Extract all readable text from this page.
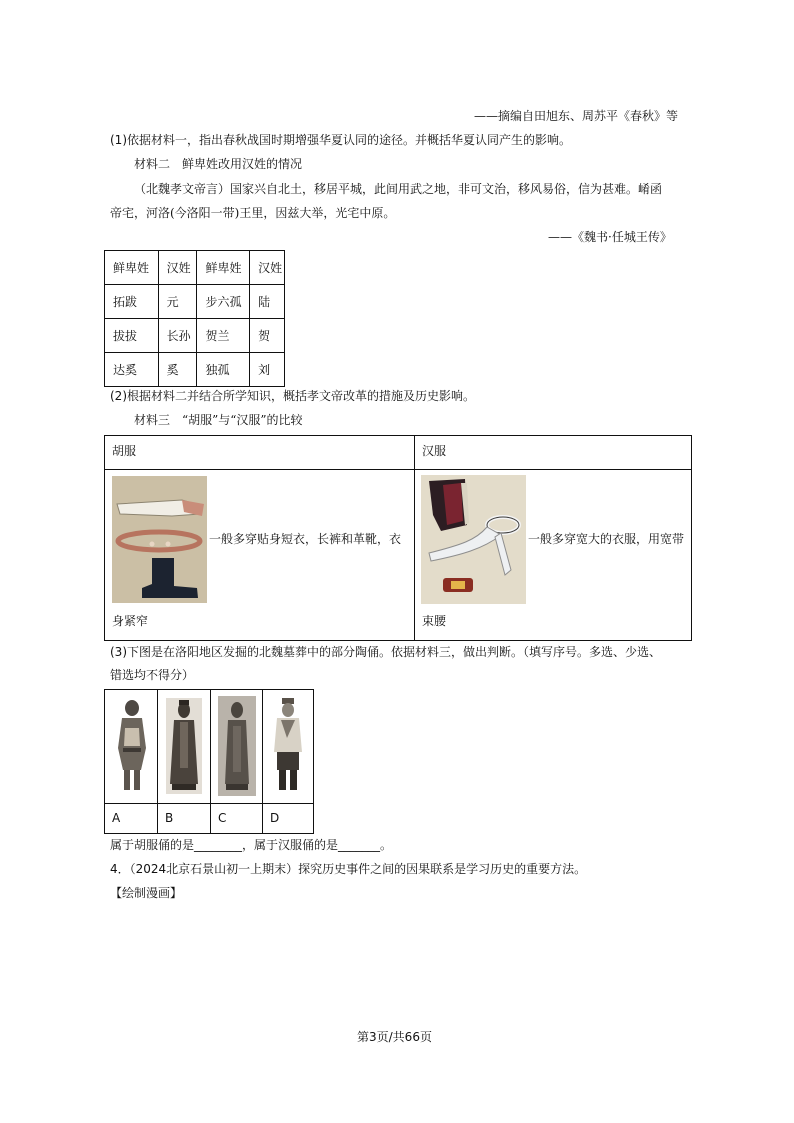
——摘编自田旭东、周苏平《春秋》等
(1)依据材料一，指出春秋战国时期增强华夏认同的途径。并概括华夏认同产生的影响。
材料二　鲜卑姓改用汉姓的情况
（北魏孝文帝言）国家兴自北土，移居平城，此间用武之地，非可文治，移风易俗，信为甚难。崤函
帝宅，河洛(今洛阳一带)王里，因兹大举，光宅中原。
——《魏书·任城王传》
鲜卑姓	汉姓	鲜卑姓	汉姓
拓跋	元	步六孤	陆
拔拔	长孙	贺兰	贺
达奚	奚	独孤	刘
(2)根据材料二并结合所学知识，概括孝文帝改革的措施及历史影响。
材料三　“胡服”与“汉服”的比较
胡服	汉服
一般多穿贴身短衣，长裤和革靴，衣
身紧窄
一般多穿宽大的衣服，用宽带
束腰
(3)下图是在洛阳地区发掘的北魏墓葬中的部分陶俑。依据材料三，做出判断。（填写序号。多选、少选、
错选均不得分）
A	B	C	D
属于胡服俑的是________，属于汉服俑的是_______。
4．（2024北京石景山初一上期末）探究历史事件之间的因果联系是学习历史的重要方法。
【绘制漫画】
第3页/共66页
